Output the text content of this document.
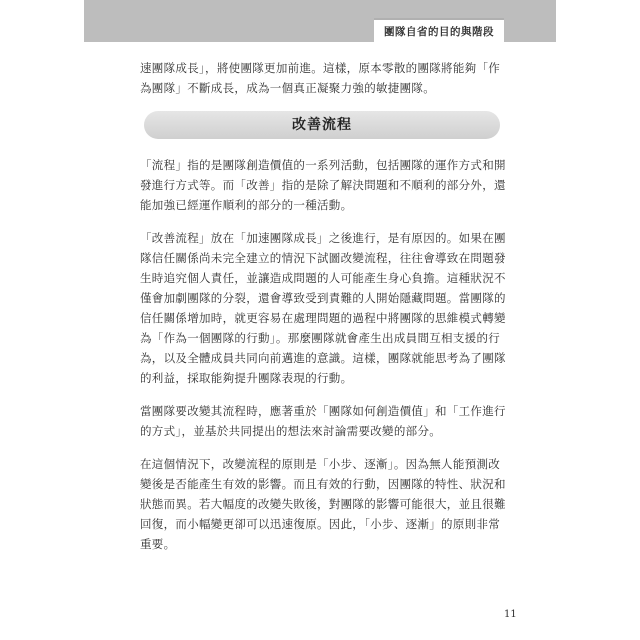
團隊自省的目的與階段

速團隊成長」，將使團隊更加前進。這樣，原本零散的團隊將能夠「作為團隊」不斷成長，成為一個真正凝聚力強的敏捷團隊。

改善流程

「流程」指的是團隊創造價值的一系列活動，包括團隊的運作方式和開發進行方式等。而「改善」指的是除了解決問題和不順利的部分外，還能加強已經運作順利的部分的一種活動。

「改善流程」放在「加速團隊成長」之後進行，是有原因的。如果在團隊信任關係尚未完全建立的情況下試圖改變流程，往往會導致在問題發生時追究個人責任，並讓造成問題的人可能產生身心負擔。這種狀況不僅會加劇團隊的分裂，還會導致受到責難的人開始隱藏問題。當團隊的信任關係增加時，就更容易在處理問題的過程中將團隊的思維模式轉變為「作為一個團隊的行動」。那麼團隊就會產生出成員間互相支援的行為，以及全體成員共同向前邁進的意識。這樣，團隊就能思考為了團隊的利益，採取能夠提升團隊表現的行動。

當團隊要改變其流程時，應著重於「團隊如何創造價值」和「工作進行的方式」，並基於共同提出的想法來討論需要改變的部分。

在這個情況下，改變流程的原則是「小步、逐漸」。因為無人能預測改變後是否能產生有效的影響。而且有效的行動，因團隊的特性、狀況和狀態而異。若大幅度的改變失敗後，對團隊的影響可能很大，並且很難回復，而小幅變更卻可以迅速復原。因此，「小步、逐漸」的原則非常重要。

11
